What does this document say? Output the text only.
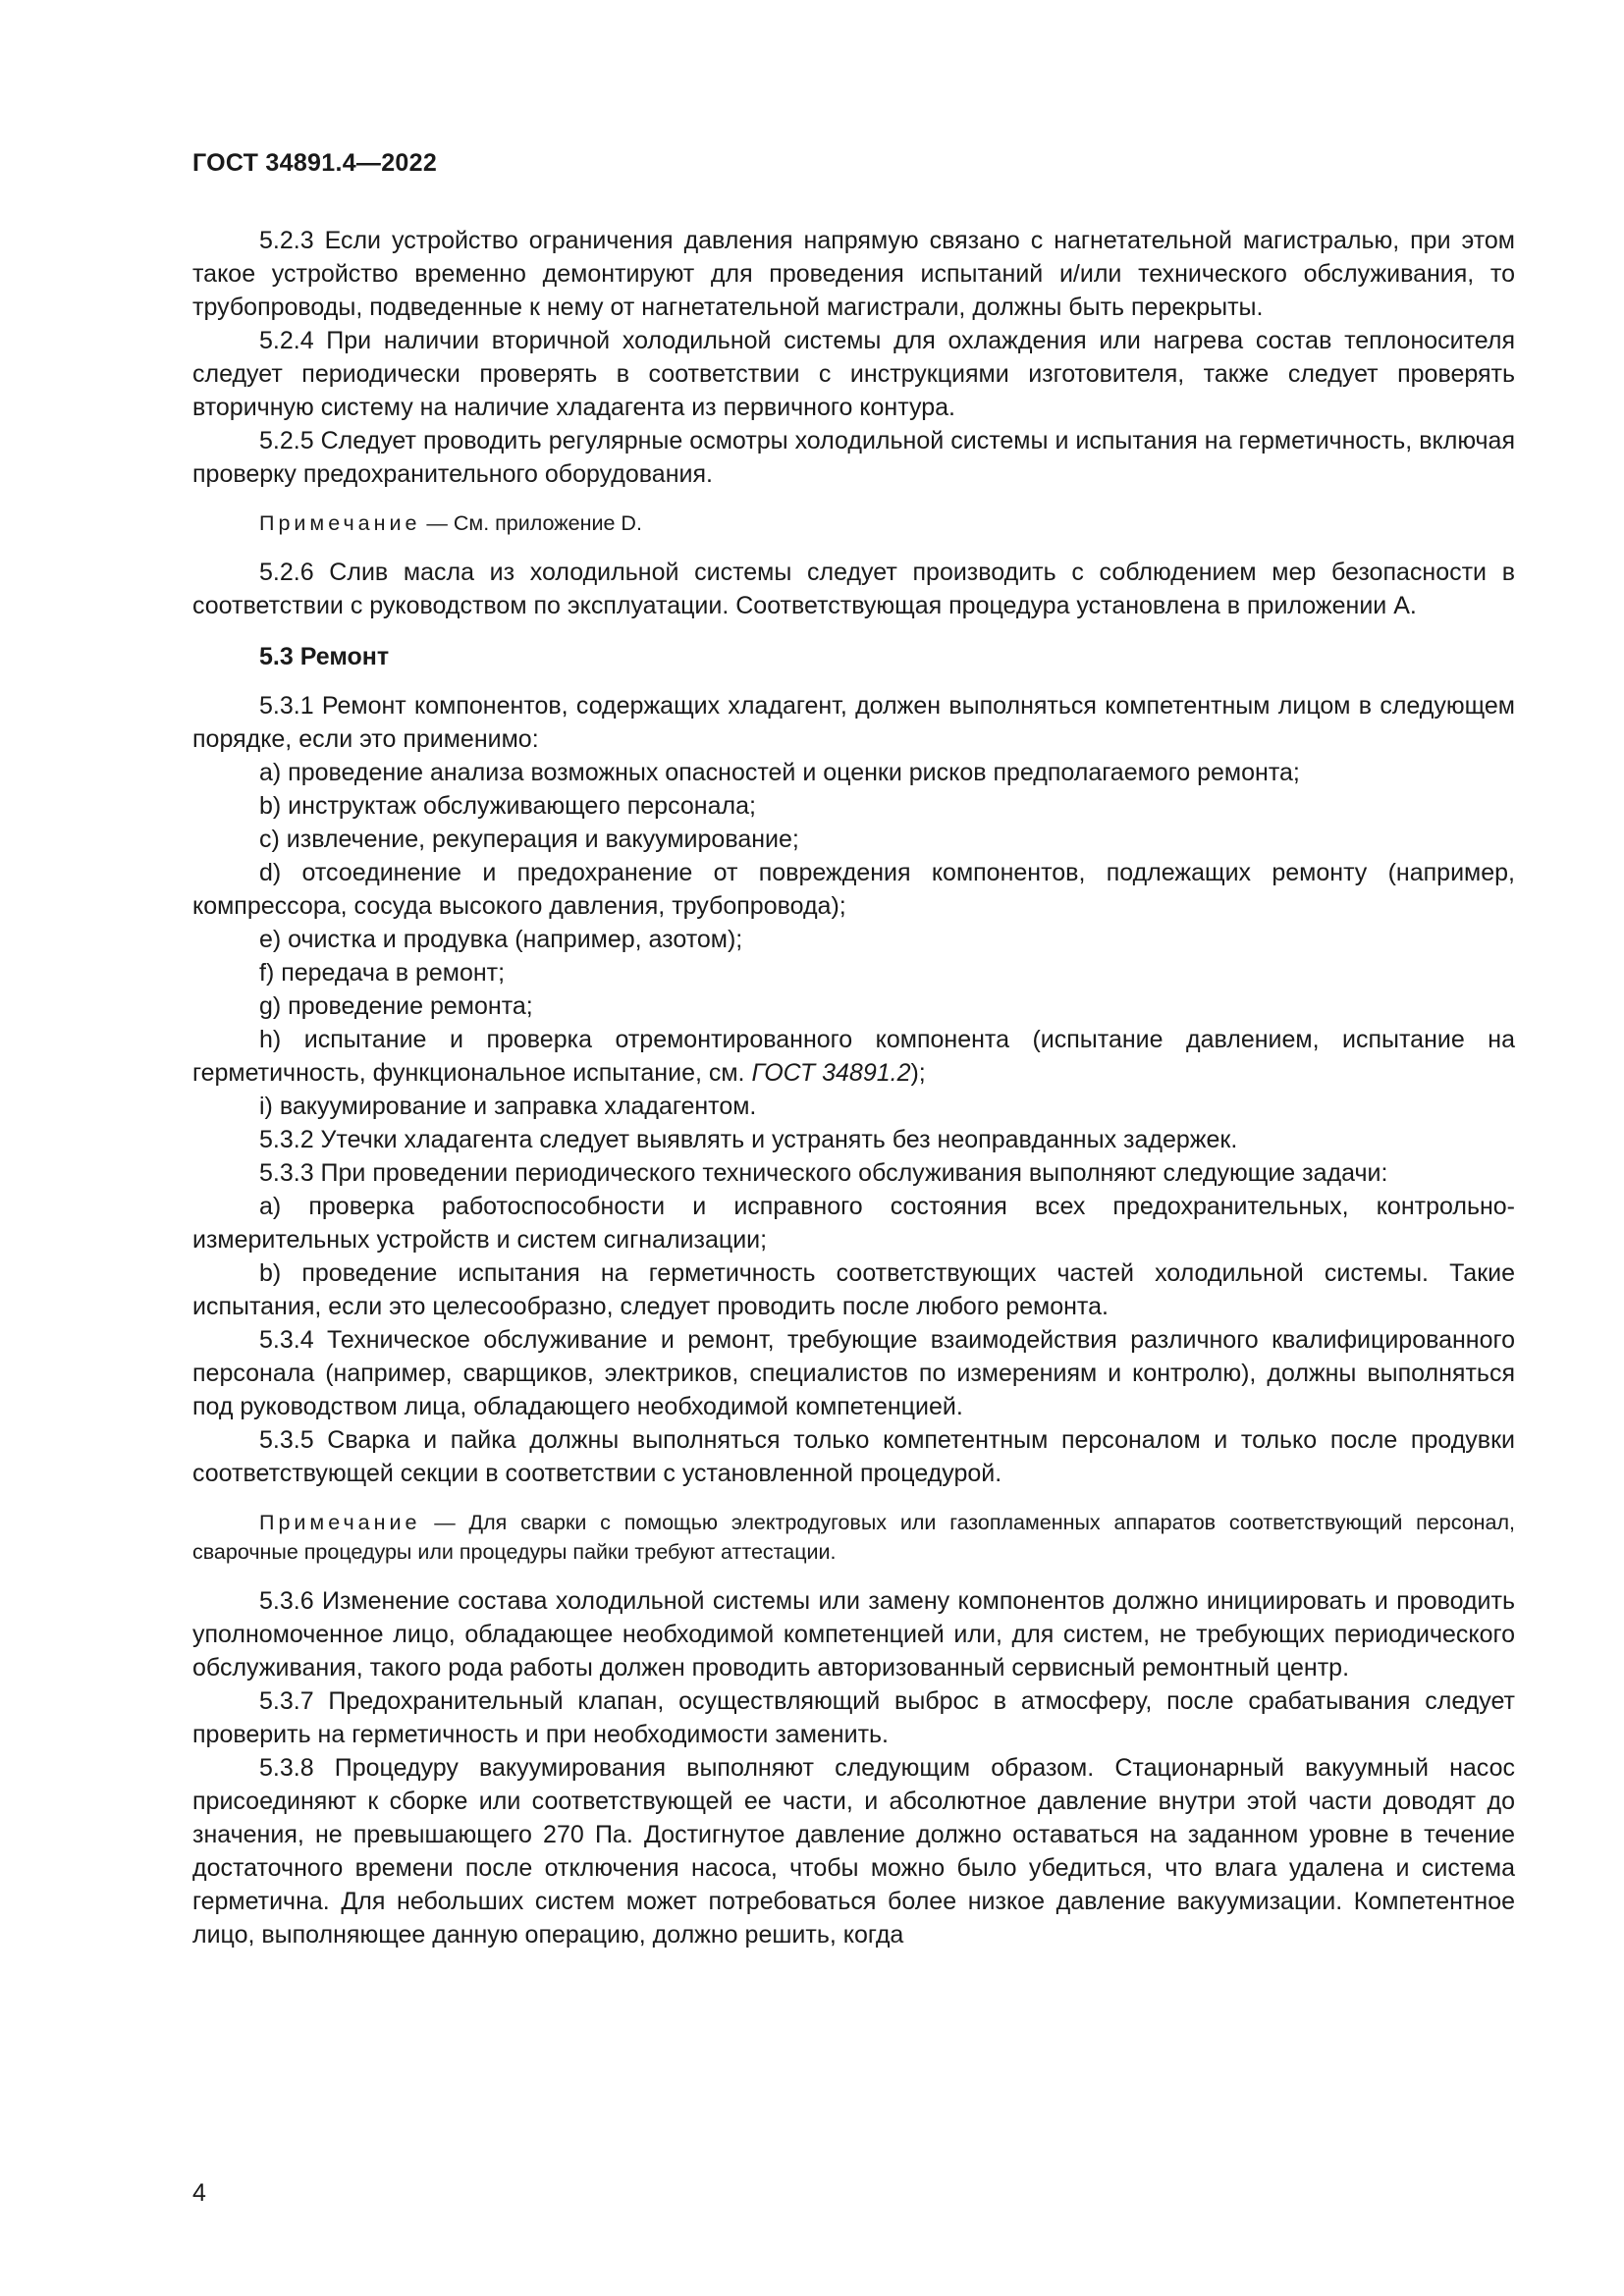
ГОСТ 34891.4—2022

5.2.3 Если устройство ограничения давления напрямую связано с нагнетательной магистралью, при этом такое устройство временно демонтируют для проведения испытаний и/или технического обслуживания, то трубопроводы, подведенные к нему от нагнетательной магистрали, должны быть перекрыты.

5.2.4 При наличии вторичной холодильной системы для охлаждения или нагрева состав теплоносителя следует периодически проверять в соответствии с инструкциями изготовителя, также следует проверять вторичную систему на наличие хладагента из первичного контура.

5.2.5 Следует проводить регулярные осмотры холодильной системы и испытания на герметичность, включая проверку предохранительного оборудования.

Примечание — См. приложение D.

5.2.6 Слив масла из холодильной системы следует производить с соблюдением мер безопасности в соответствии с руководством по эксплуатации. Соответствующая процедура установлена в приложении А.

5.3 Ремонт

5.3.1 Ремонт компонентов, содержащих хладагент, должен выполняться компетентным лицом в следующем порядке, если это применимо:

a) проведение анализа возможных опасностей и оценки рисков предполагаемого ремонта;

b) инструктаж обслуживающего персонала;

c) извлечение, рекуперация и вакуумирование;

d) отсоединение и предохранение от повреждения компонентов, подлежащих ремонту (например, компрессора, сосуда высокого давления, трубопровода);

e) очистка и продувка (например, азотом);

f) передача в ремонт;

g) проведение ремонта;

h) испытание и проверка отремонтированного компонента (испытание давлением, испытание на герметичность, функциональное испытание, см. ГОСТ 34891.2);

i) вакуумирование и заправка хладагентом.

5.3.2 Утечки хладагента следует выявлять и устранять без неоправданных задержек.

5.3.3 При проведении периодического технического обслуживания выполняют следующие задачи:

a) проверка работоспособности и исправного состояния всех предохранительных, контрольно-измерительных устройств и систем сигнализации;

b) проведение испытания на герметичность соответствующих частей холодильной системы. Такие испытания, если это целесообразно, следует проводить после любого ремонта.

5.3.4 Техническое обслуживание и ремонт, требующие взаимодействия различного квалифицированного персонала (например, сварщиков, электриков, специалистов по измерениям и контролю), должны выполняться под руководством лица, обладающего необходимой компетенцией.

5.3.5 Сварка и пайка должны выполняться только компетентным персоналом и только после продувки соответствующей секции в соответствии с установленной процедурой.

Примечание — Для сварки с помощью электродуговых или газопламенных аппаратов соответствующий персонал, сварочные процедуры или процедуры пайки требуют аттестации.

5.3.6 Изменение состава холодильной системы или замену компонентов должно инициировать и проводить уполномоченное лицо, обладающее необходимой компетенцией или, для систем, не требующих периодического обслуживания, такого рода работы должен проводить авторизованный сервисный ремонтный центр.

5.3.7 Предохранительный клапан, осуществляющий выброс в атмосферу, после срабатывания следует проверить на герметичность и при необходимости заменить.

5.3.8 Процедуру вакуумирования выполняют следующим образом. Стационарный вакуумный насос присоединяют к сборке или соответствующей ее части, и абсолютное давление внутри этой части доводят до значения, не превышающего 270 Па. Достигнутое давление должно оставаться на заданном уровне в течение достаточного времени после отключения насоса, чтобы можно было убедиться, что влага удалена и система герметична. Для небольших систем может потребоваться более низкое давление вакуумизации. Компетентное лицо, выполняющее данную операцию, должно решить, когда

4
